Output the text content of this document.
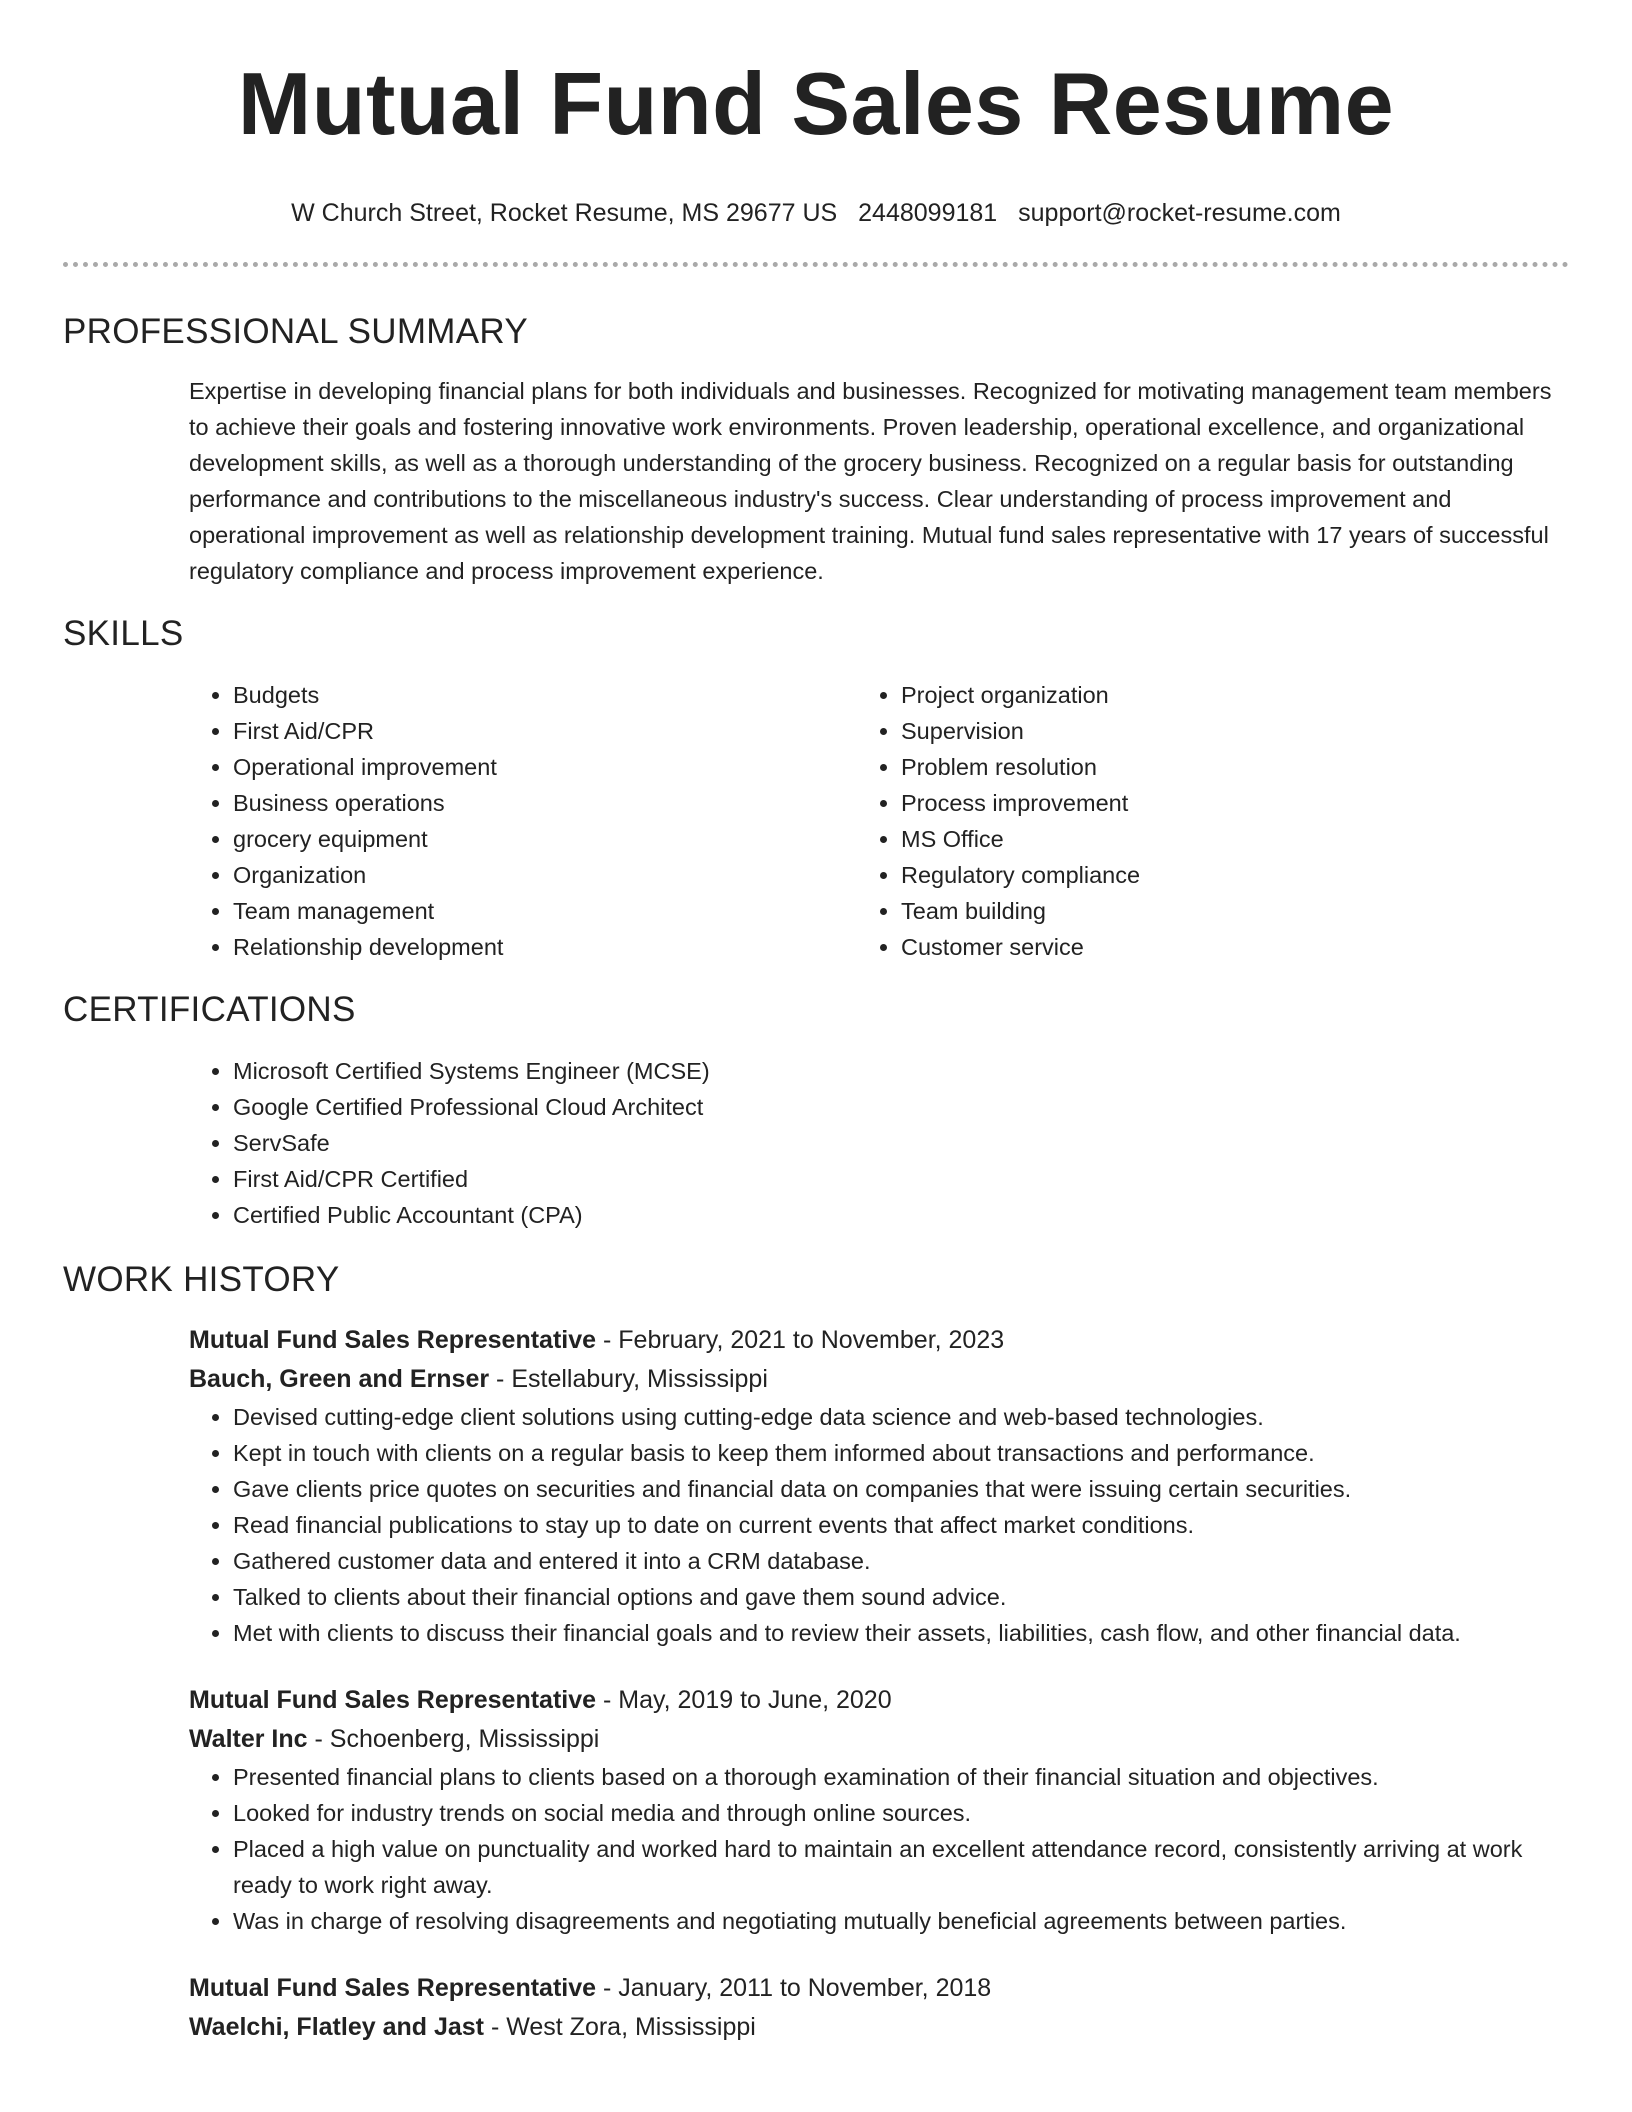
Mutual Fund Sales Resume
W Church Street, Rocket Resume, MS 29677 US 2448099181 support@rocket-resume.com
PROFESSIONAL SUMMARY

Expertise in developing financial plans for both individuals and businesses. Recognized for motivating management team members to achieve their goals and fostering innovative work environments. Proven leadership, operational excellence, and organizational development skills, as well as a thorough understanding of the grocery business. Recognized on a regular basis for outstanding performance and contributions to the miscellaneous industry's success. Clear understanding of process improvement and operational improvement as well as relationship development training. Mutual fund sales representative with 17 years of successful regulatory compliance and process improvement experience.

SKILLS
• Budgets
• First Aid/CPR
• Operational improvement
• Business operations
• grocery equipment
• Organization
• Team management
• Relationship development
• Project organization
• Supervision
• Problem resolution
• Process improvement
• MS Office
• Regulatory compliance
• Team building
• Customer service
CERTIFICATIONS
• Microsoft Certified Systems Engineer (MCSE)
• Google Certified Professional Cloud Architect
• ServSafe
• First Aid/CPR Certified
• Certified Public Accountant (CPA)
WORK HISTORY
Mutual Fund Sales Representative - February, 2021 to November, 2023
Bauch, Green and Ernser - Estellabury, Mississippi
• Devised cutting-edge client solutions using cutting-edge data science and web-based technologies.
• Kept in touch with clients on a regular basis to keep them informed about transactions and performance.
• Gave clients price quotes on securities and financial data on companies that were issuing certain securities.
• Read financial publications to stay up to date on current events that affect market conditions.
• Gathered customer data and entered it into a CRM database.
• Talked to clients about their financial options and gave them sound advice.
• Met with clients to discuss their financial goals and to review their assets, liabilities, cash flow, and other financial data.
Mutual Fund Sales Representative - May, 2019 to June, 2020
Walter Inc - Schoenberg, Mississippi
• Presented financial plans to clients based on a thorough examination of their financial situation and objectives.
• Looked for industry trends on social media and through online sources.
• Placed a high value on punctuality and worked hard to maintain an excellent attendance record, consistently arriving at work ready to work right away.
• Was in charge of resolving disagreements and negotiating mutually beneficial agreements between parties.
Mutual Fund Sales Representative - January, 2011 to November, 2018
Waelchi, Flatley and Jast - West Zora, Mississippi
